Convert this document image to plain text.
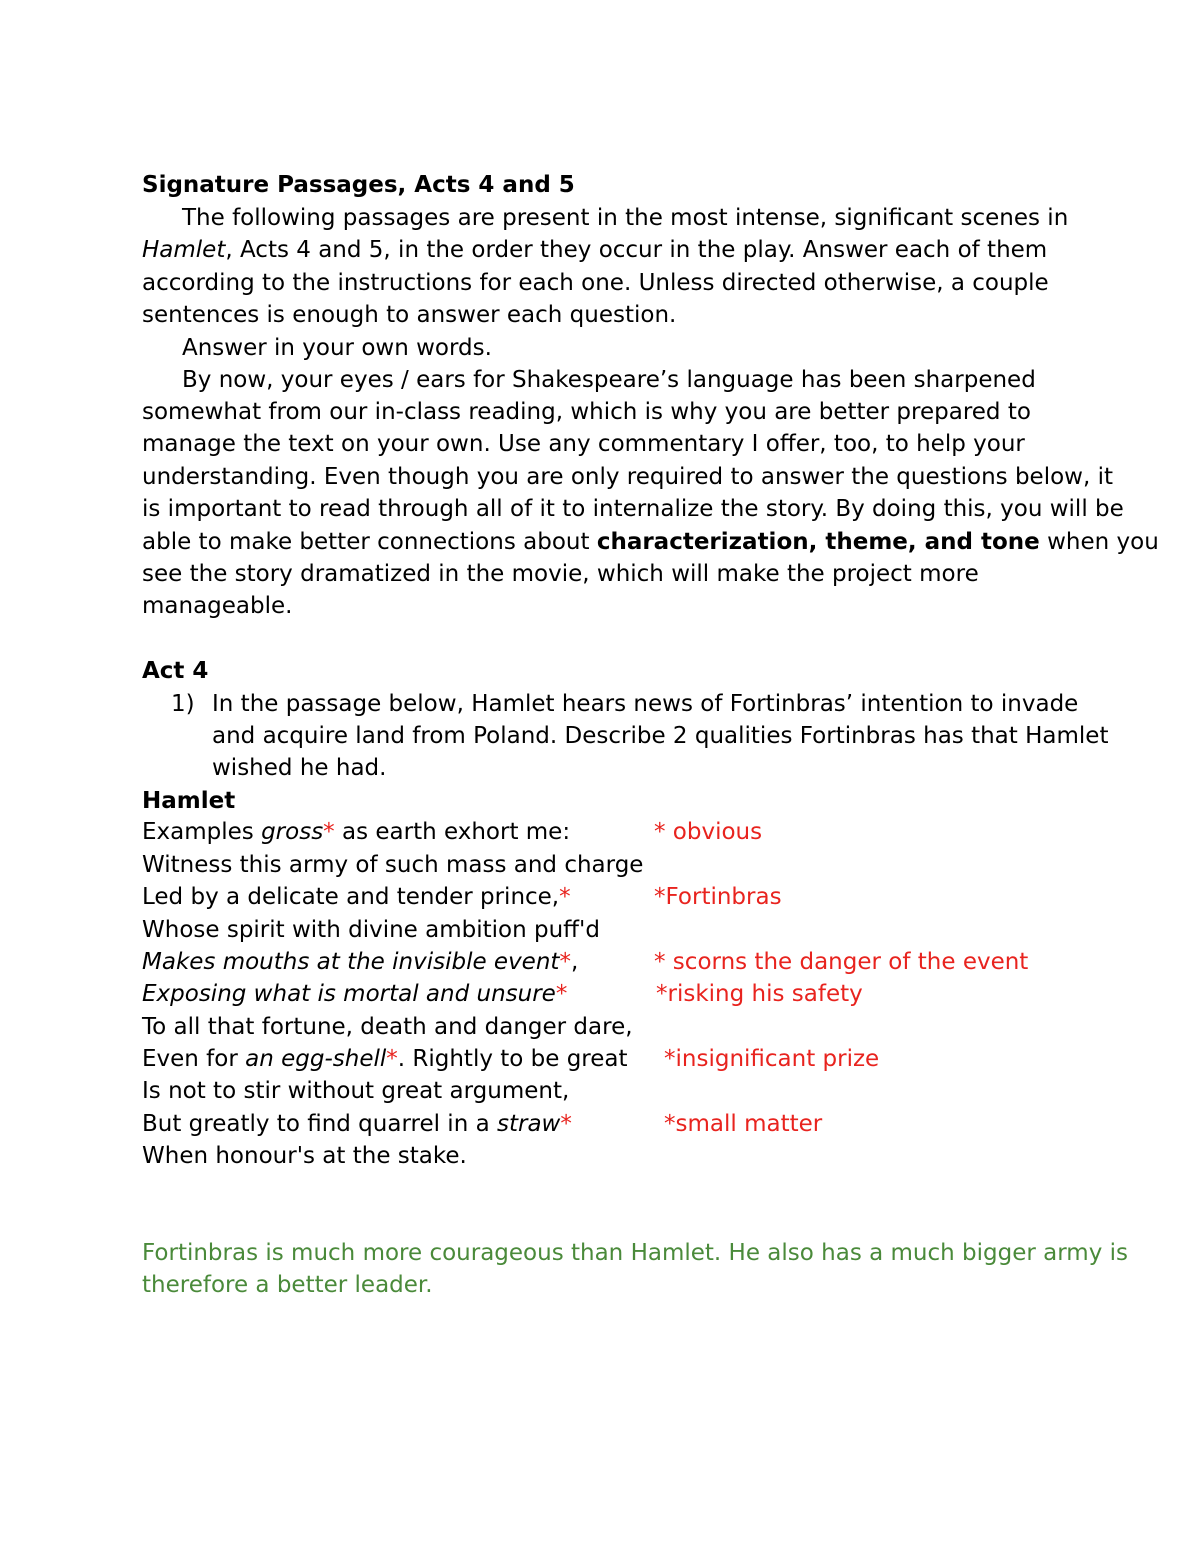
Signature Passages, Acts 4 and 5
The following passages are present in the most intense, significant scenes in
Hamlet, Acts 4 and 5, in the order they occur in the play. Answer each of them
according to the instructions for each one. Unless directed otherwise, a couple
sentences is enough to answer each question.
Answer in your own words.
By now, your eyes / ears for Shakespeare’s language has been sharpened
somewhat from our in-class reading, which is why you are better prepared to
manage the text on your own. Use any commentary I offer, too, to help your
understanding. Even though you are only required to answer the questions below, it
is important to read through all of it to internalize the story. By doing this, you will be
able to make better connections about characterization, theme, and tone when you
see the story dramatized in the movie, which will make the project more
manageable.
Act 4
1) In the passage below, Hamlet hears news of Fortinbras’ intention to invade
and acquire land from Poland. Describe 2 qualities Fortinbras has that Hamlet
wished he had.
Hamlet
Examples gross* as earth exhort me:	* obvious
Witness this army of such mass and charge
Led by a delicate and tender prince,*	*Fortinbras
Whose spirit with divine ambition puff'd
Makes mouths at the invisible event*,	* scorns the danger of the event
Exposing what is mortal and unsure*	*risking his safety
To all that fortune, death and danger dare,
Even for an egg-shell*. Rightly to be great *insignificant prize
Is not to stir without great argument,
But greatly to find quarrel in a straw*	*small matter
When honour's at the stake.
Fortinbras is much more courageous than Hamlet. He also has a much bigger army is
therefore a better leader.
